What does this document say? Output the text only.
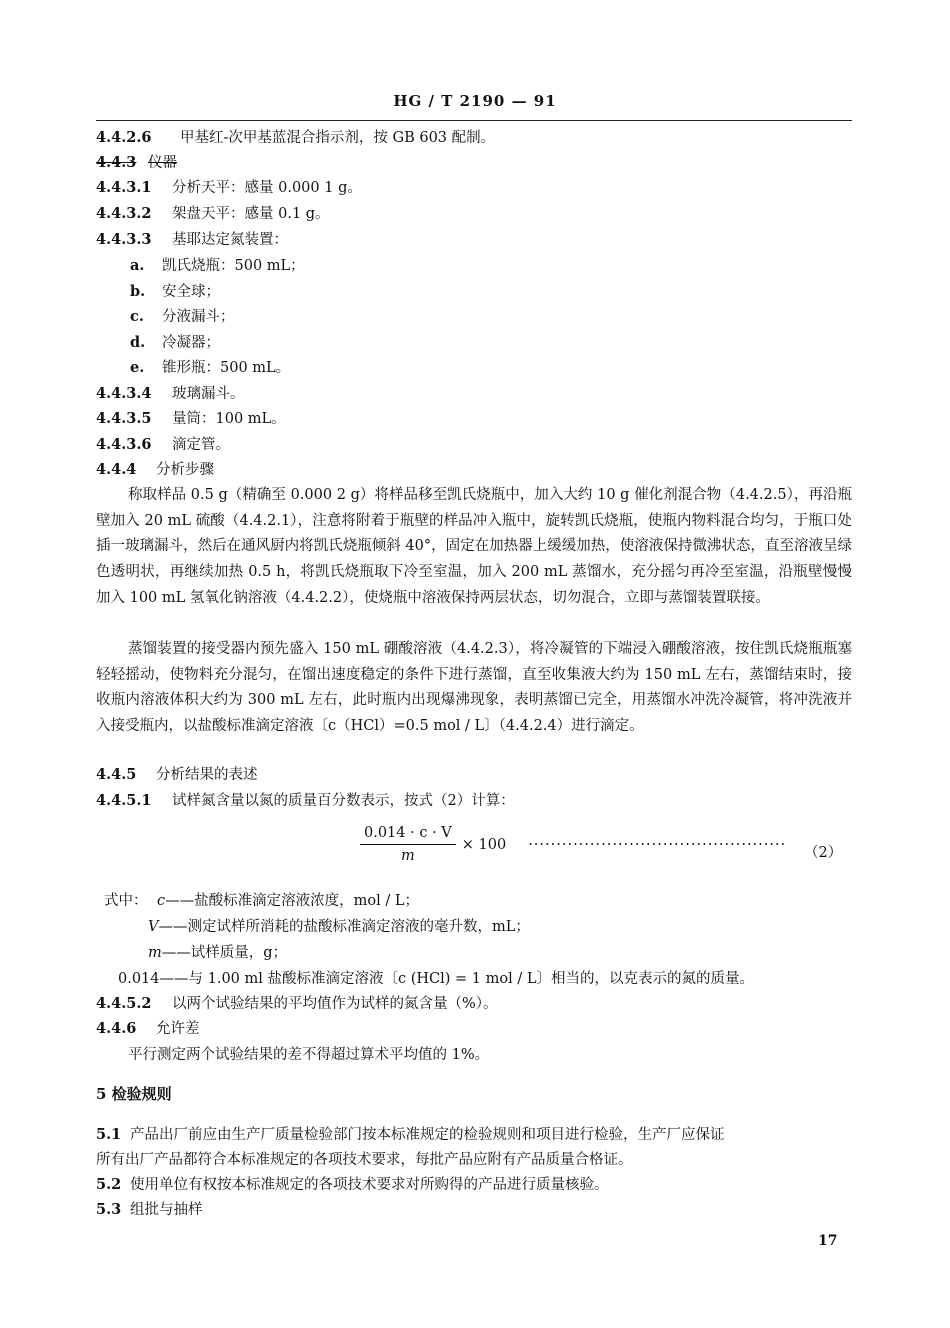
HG / T 2190 — 91
4.4.2.6 甲基红-次甲基蓝混合指示剂，按 GB 603 配制。
4.4.3 仪器
4.4.3.1 分析天平：感量 0.000 1 g。
4.4.3.2 架盘天平：感量 0.1 g。
4.4.3.3 基耶达定氮装置：
a. 凯氏烧瓶：500 mL；
b. 安全球；
c. 分液漏斗；
d. 冷凝器；
e. 锥形瓶：500 mL。
4.4.3.4 玻璃漏斗。
4.4.3.5 量筒：100 mL。
4.4.3.6 滴定管。
4.4.4 分析步骤

称取样品 0.5 g（精确至 0.000 2 g）将样品移至凯氏烧瓶中，加入大约 10 g 催化剂混合物（4.4.2.5），再沿瓶壁加入 20 mL 硫酸（4.4.2.1），注意将附着于瓶壁的样品冲入瓶中，旋转凯氏烧瓶，使瓶内物料混合均匀，于瓶口处插一玻璃漏斗，然后在通风厨内将凯氏烧瓶倾斜 40°，固定在加热器上缓缓加热，使溶液保持微沸状态，直至溶液呈绿色透明状，再继续加热 0.5 h，将凯氏烧瓶取下冷至室温，加入 200 mL 蒸馏水，充分摇匀再冷至室温，沿瓶壁慢慢加入 100 mL 氢氧化钠溶液（4.4.2.2），使烧瓶中溶液保持两层状态，切勿混合，立即与蒸馏装置联接。

蒸馏装置的接受器内预先盛入 150 mL 硼酸溶液（4.4.2.3），将冷凝管的下端浸入硼酸溶液，按住凯氏烧瓶瓶塞轻轻摇动，使物料充分混匀，在馏出速度稳定的条件下进行蒸馏，直至收集液大约为 150 mL 左右，蒸馏结束时，接收瓶内溶液体积大约为 300 mL 左右，此时瓶内出现爆沸现象，表明蒸馏已完全，用蒸馏水冲洗冷凝管，将冲洗液并入接受瓶内，以盐酸标准滴定溶液〔c（HCl）=0.5 mol / L〕（4.4.2.4）进行滴定。

4.4.5 分析结果的表述
4.4.5.1 试样氮含量以氮的质量百分数表示，按式（2）计算：
$\frac{0.014 \cdot c \cdot V}{m} \times 100$ ··············································
（2）
式中： c——盐酸标准滴定溶液浓度，mol / L；
V——测定试样所消耗的盐酸标准滴定溶液的毫升数，mL；
m——试样质量，g；
0.014——与 1.00 ml 盐酸标准滴定溶液〔c (HCl) = 1 mol / L〕相当的，以克表示的氮的质量。
4.4.5.2 以两个试验结果的平均值作为试样的氮含量（%）。
4.4.6 允许差
平行测定两个试验结果的差不得超过算术平均值的 1%。
5 检验规则
5.1 产品出厂前应由生产厂质量检验部门按本标准规定的检验规则和项目进行检验，生产厂应保证
所有出厂产品都符合本标准规定的各项技术要求，每批产品应附有产品质量合格证。
5.2 使用单位有权按本标准规定的各项技术要求对所购得的产品进行质量核验。
5.3 组批与抽样
17
